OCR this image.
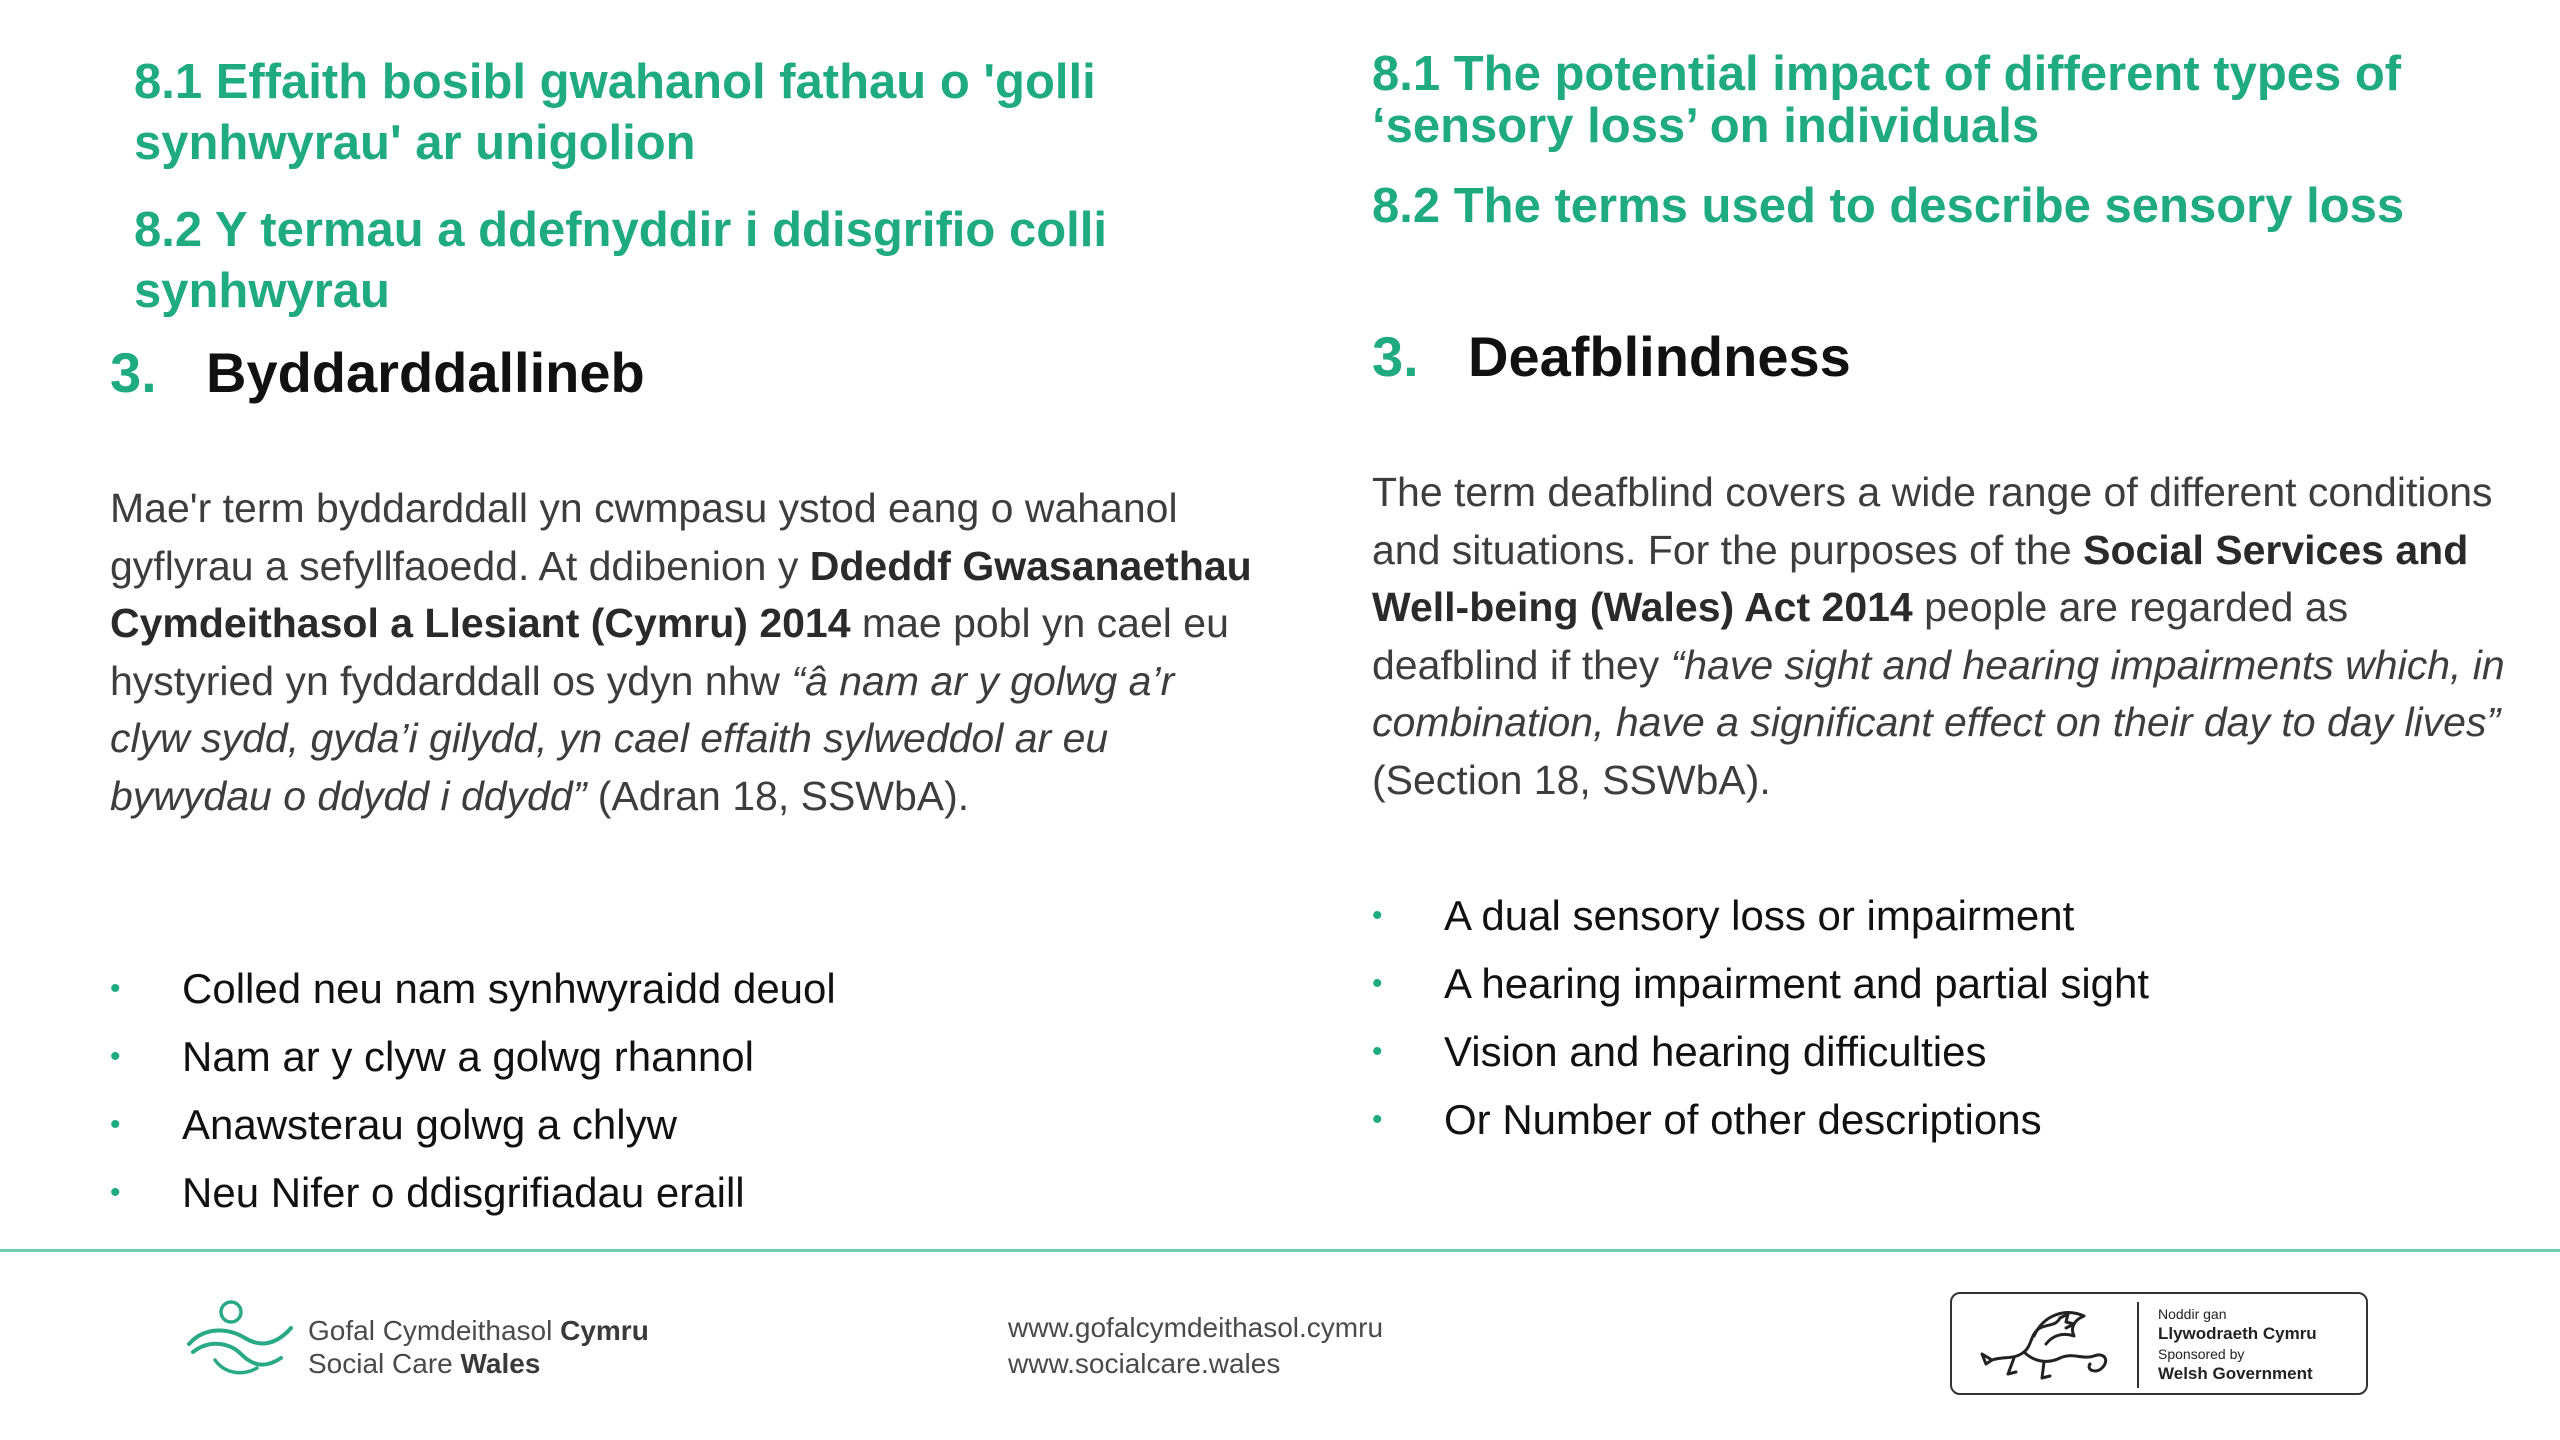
8.1 Effaith bosibl gwahanol fathau o 'golli synhwyrau' ar unigolion
8.2 Y termau a ddefnyddir i ddisgrifio colli synhwyrau
3. Byddarddallineb

Mae'r term byddarddall yn cwmpasu ystod eang o wahanol gyflyrau a sefyllfaoedd. At ddibenion y Ddeddf Gwasanaethau Cymdeithasol a Llesiant (Cymru) 2014 mae pobl yn cael eu hystyried yn fyddarddall os ydyn nhw “â nam ar y golwg a’r clyw sydd, gyda’i gilydd, yn cael effaith sylweddol ar eu bywydau o ddydd i ddydd” (Adran 18, SSWbA).

•	Colled neu nam synhwyraidd deuol
•	Nam ar y clyw a golwg rhannol
•	Anawsterau golwg a chlyw
•	Neu Nifer o ddisgrifiadau eraill
8.1 The potential impact of different types of ‘sensory loss’ on individuals
8.2 The terms used to describe sensory loss
3. Deafblindness

The term deafblind covers a wide range of different conditions and situations. For the purposes of the Social Services and Well-being (Wales) Act 2014 people are regarded as deafblind if they “have sight and hearing impairments which, in combination, have a significant effect on their day to day lives” (Section 18, SSWbA).

•	A dual sensory loss or impairment
•	A hearing impairment and partial sight
•	Vision and hearing difficulties
•	Or Number of other descriptions
Gofal Cymdeithasol Cymru
Social Care Wales
www.gofalcymdeithasol.cymru
www.socialcare.wales
Noddir gan
Llywodraeth Cymru
Sponsored by
Welsh Government
